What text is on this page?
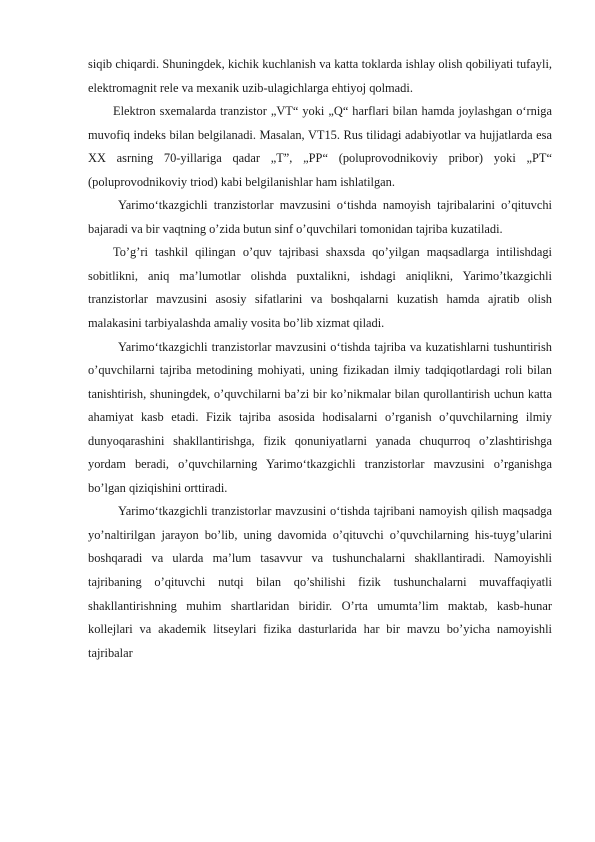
siqib chiqardi. Shuningdek, kichik kuchlanish va katta toklarda ishlay olish qobiliyati tufayli, elektromagnit rele va mexanik uzib-ulagichlarga ehtiyoj qolmadi.

Elektron sxemalarda tranzistor „VT“ yoki „Q“ harflari bilan hamda joylashgan o‘rniga muvofiq indeks bilan belgilanadi. Masalan, VT15. Rus tilidagi adabiyotlar va hujjatlarda esa XX asrning 70-yillariga qadar „T”, „PP“ (poluprovodnikoviy pribor) yoki „PT“ (poluprovodnikoviy triod) kabi belgilanishlar ham ishlatilgan.

Yarimo‘tkazgichli tranzistorlar mavzusini o‘tishda namoyish tajribalarini o’qituvchi bajaradi va bir vaqtning o’zida butun sinf o’quvchilari tomonidan tajriba kuzatiladi.

To’g’ri tashkil qilingan o’quv tajribasi shaxsda qo’yilgan maqsadlarga intilishdagi sobitlikni, aniq ma’lumotlar olishda puxtalikni, ishdagi aniqlikni, Yarimo’tkazgichli tranzistorlar mavzusini asosiy sifatlarini va boshqalarni kuzatish hamda ajratib olish malakasini tarbiyalashda amaliy vosita bo’lib xizmat qiladi.

Yarimo‘tkazgichli tranzistorlar mavzusini o‘tishda tajriba va kuzatishlarni tushuntirish o’quvchilarni tajriba metodining mohiyati, uning fizikadan ilmiy tadqiqotlardagi roli bilan tanishtirish, shuningdek, o’quvchilarni ba’zi bir ko’nikmalar bilan qurollantirish uchun katta ahamiyat kasb etadi. Fizik tajriba asosida hodisalarni o’rganish o’quvchilarning ilmiy dunyoqarashini shakllantirishga, fizik qonuniyatlarni yanada chuqurroq o’zlashtirishga yordam beradi, o’quvchilarning Yarimo‘tkazgichli tranzistorlar mavzusini o’rganishga bo’lgan qiziqishini orttiradi.

Yarimo‘tkazgichli tranzistorlar mavzusini o‘tishda tajribani namoyish qilish maqsadga yo’naltirilgan jarayon bo’lib, uning davomida o’qituvchi o’quvchilarning his-tuyg’ularini boshqaradi va ularda ma’lum tasavvur va tushunchalarni shakllantiradi. Namoyishli tajribaning o’qituvchi nutqi bilan qo’shilishi fizik tushunchalarni muvaffaqiyatli shakllantirishning muhim shartlaridan biridir. O’rta umumta’lim maktab, kasb-hunar kollejlari va akademik litseylari fizika dasturlarida har bir mavzu bo’yicha namoyishli tajribalar
